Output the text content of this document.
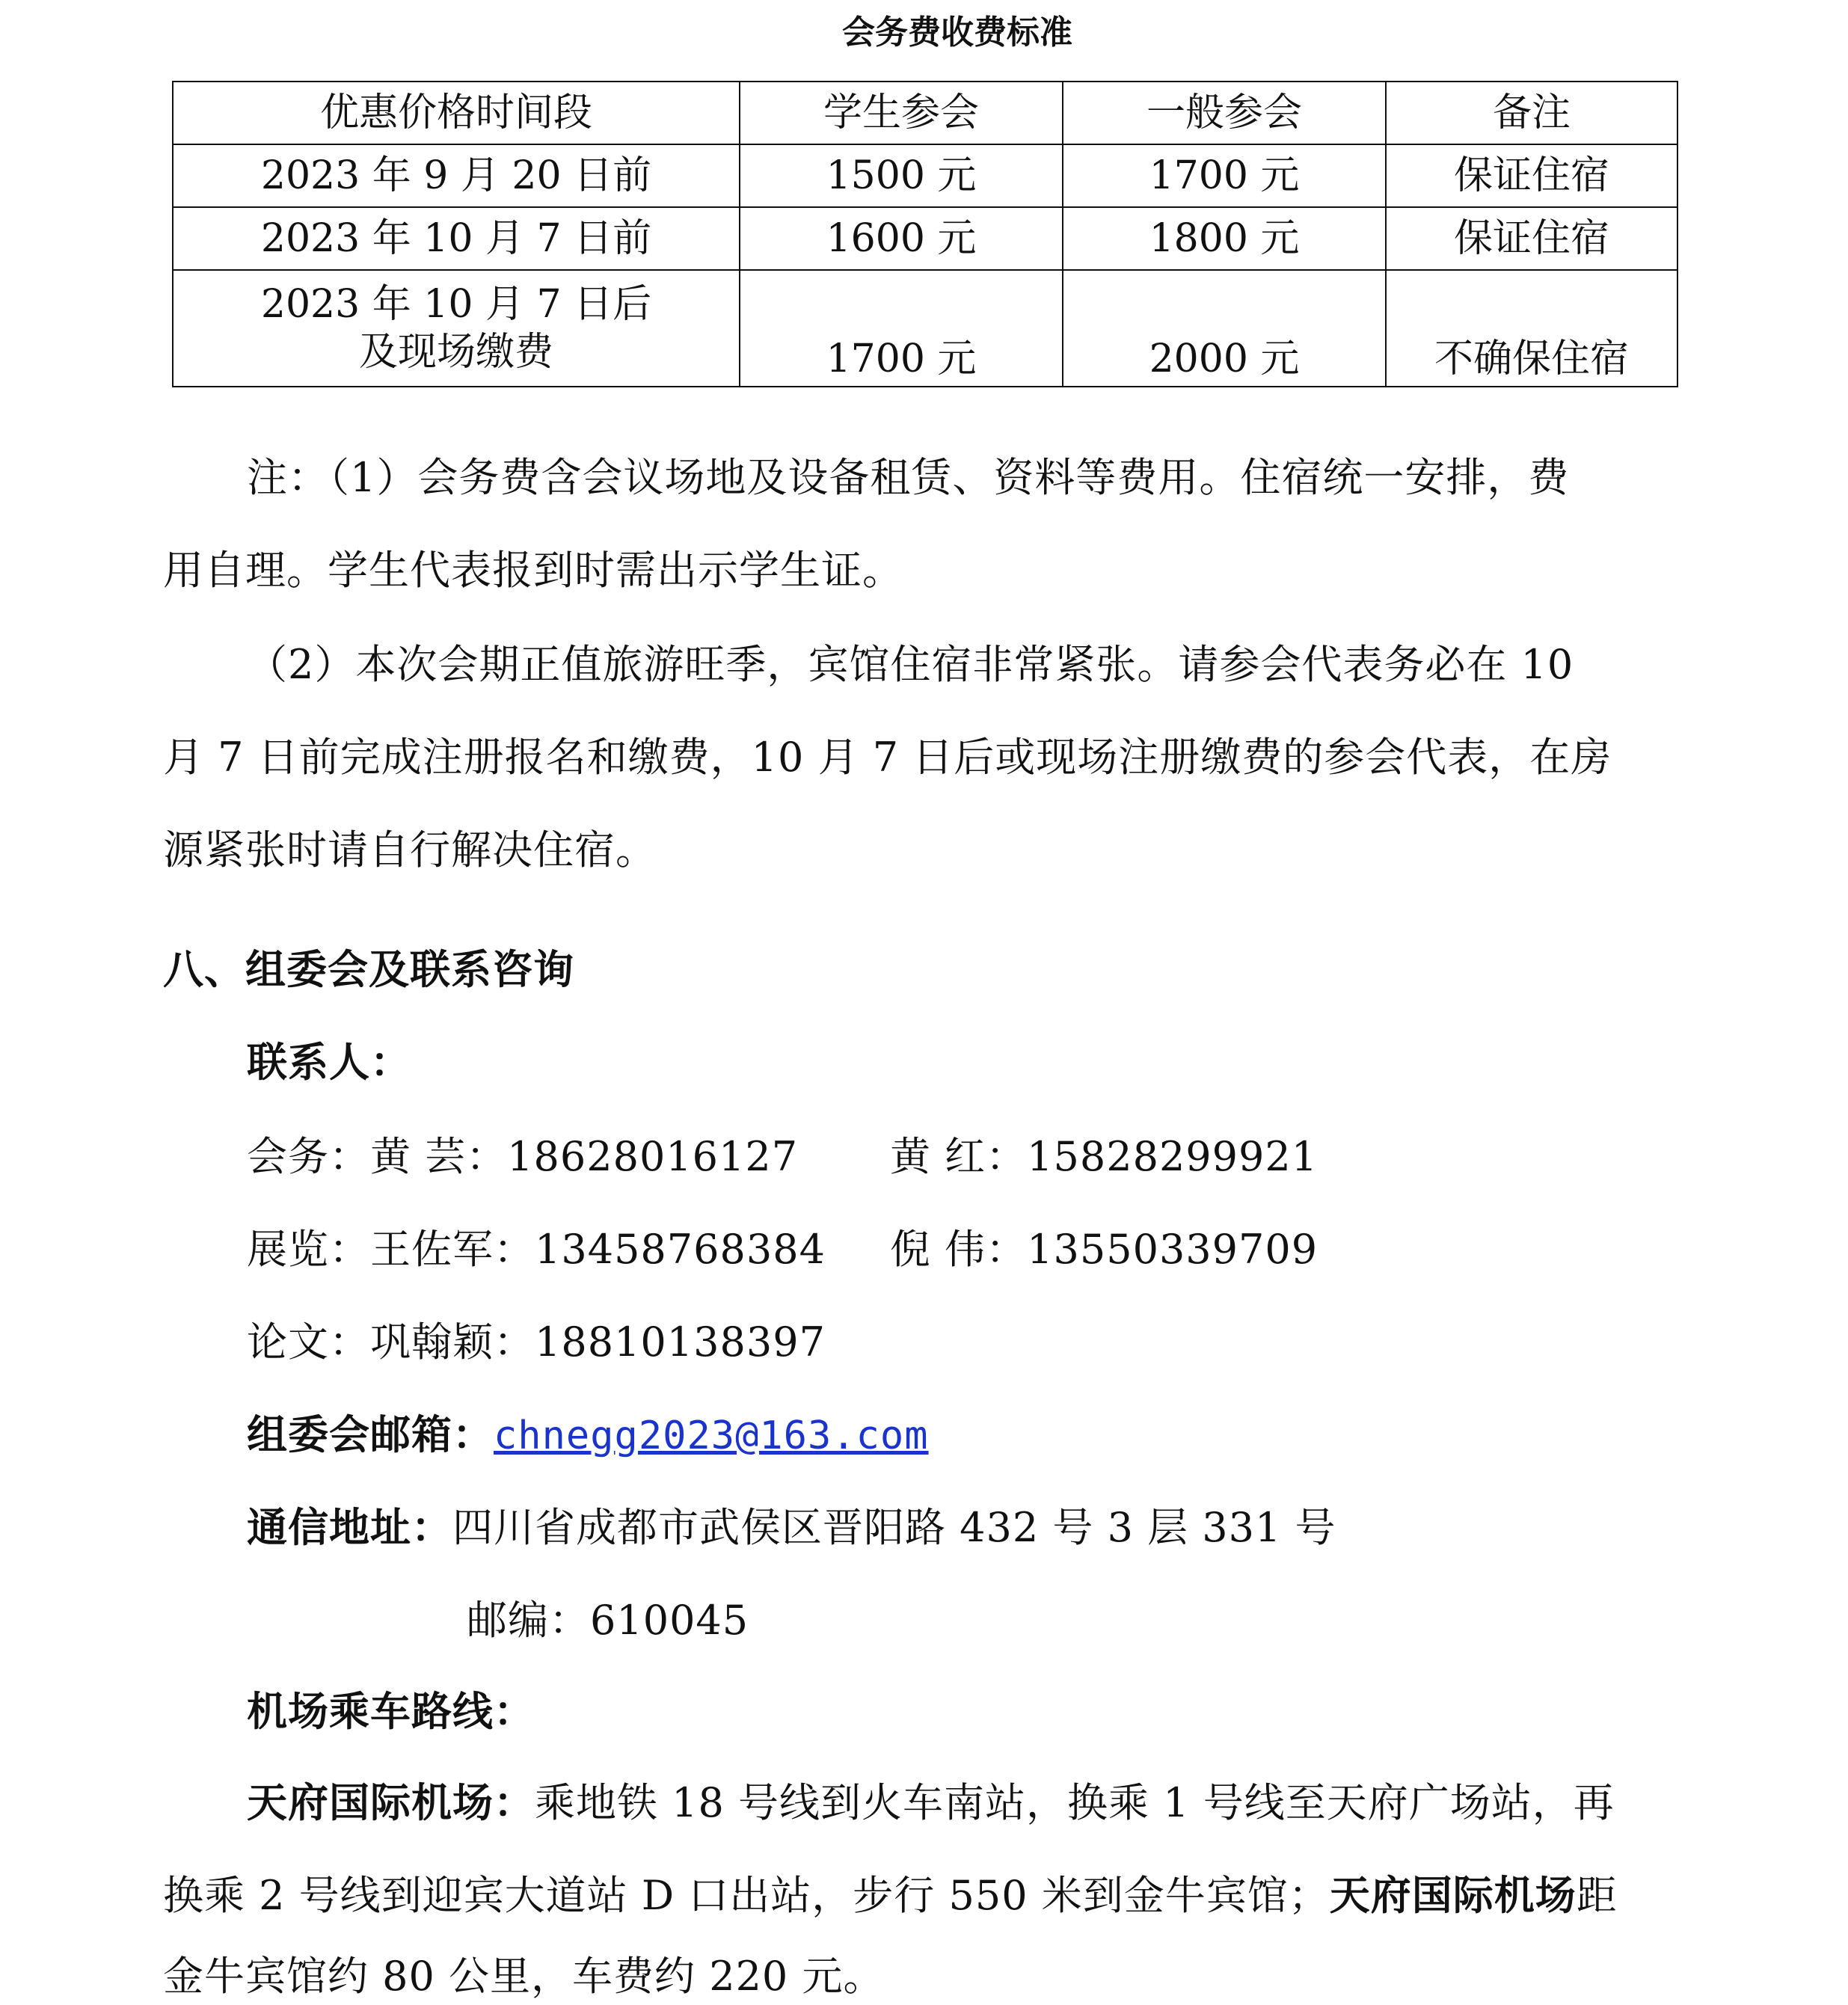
会务费收费标准
优惠价格时间段	学生参会	一般参会	备注
2023 年 9 月 20 日前	1500 元	1700 元	保证住宿
2023 年 10 月 7 日前	1600 元	1800 元	保证住宿

2023 年 10 月 7 日后
及现场缴费	1700 元	2000 元	不确保住宿
注：（1）会务费含会议场地及设备租赁、资料等费用。住宿统一安排，费
用自理。学生代表报到时需出示学生证。
（2）本次会期正值旅游旺季，宾馆住宿非常紧张。请参会代表务必在 10
月 7 日前完成注册报名和缴费，10 月 7 日后或现场注册缴费的参会代表，在房
源紧张时请自行解决住宿。
八、组委会及联系咨询
联系人：
会务：黄 芸：18628016127 黄 红：15828299921
展览：王佐军：13458768384 倪 伟：13550339709
论文：巩翰颖：18810138397
组委会邮箱：chnegg2023@163.com
通信地址：四川省成都市武侯区晋阳路 432 号 3 层 331 号
邮编：610045
机场乘车路线：
天府国际机场：乘地铁 18 号线到火车南站，换乘 1 号线至天府广场站，再
换乘 2 号线到迎宾大道站 D 口出站，步行 550 米到金牛宾馆；天府国际机场距
金牛宾馆约 80 公里，车费约 220 元。
